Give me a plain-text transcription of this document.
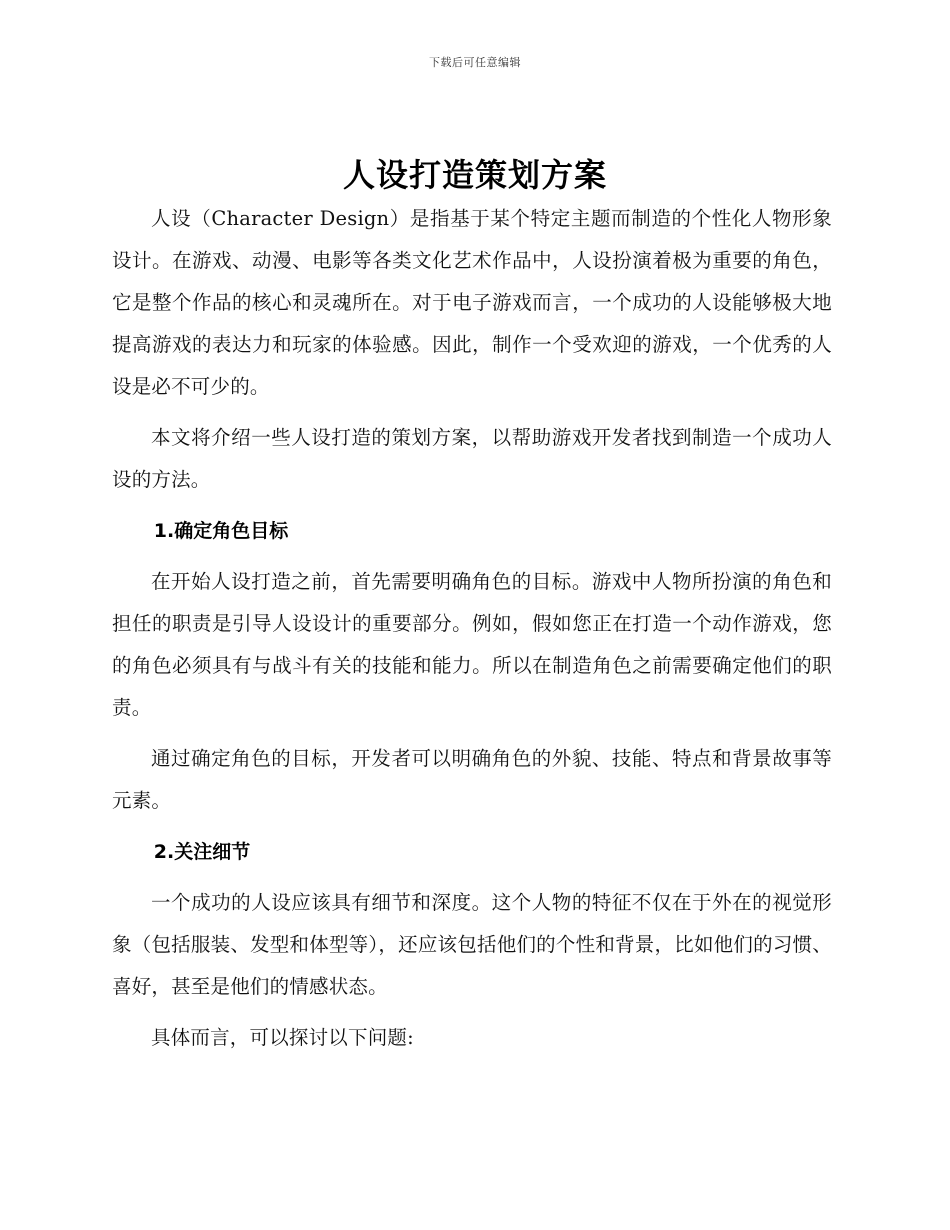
下载后可任意编辑
人设打造策划方案

人设（Character Design）是指基于某个特定主题而制造的个性化人物形象设计。在游戏、动漫、电影等各类文化艺术作品中，人设扮演着极为重要的角色，它是整个作品的核心和灵魂所在。对于电子游戏而言，一个成功的人设能够极大地提高游戏的表达力和玩家的体验感。因此，制作一个受欢迎的游戏，一个优秀的人设是必不可少的。

本文将介绍一些人设打造的策划方案，以帮助游戏开发者找到制造一个成功人设的方法。

1.确定角色目标

在开始人设打造之前，首先需要明确角色的目标。游戏中人物所扮演的角色和担任的职责是引导人设设计的重要部分。例如，假如您正在打造一个动作游戏，您的角色必须具有与战斗有关的技能和能力。所以在制造角色之前需要确定他们的职责。

通过确定角色的目标，开发者可以明确角色的外貌、技能、特点和背景故事等元素。

2.关注细节

一个成功的人设应该具有细节和深度。这个人物的特征不仅在于外在的视觉形象（包括服装、发型和体型等），还应该包括他们的个性和背景，比如他们的习惯、喜好，甚至是他们的情感状态。

具体而言，可以探讨以下问题:
